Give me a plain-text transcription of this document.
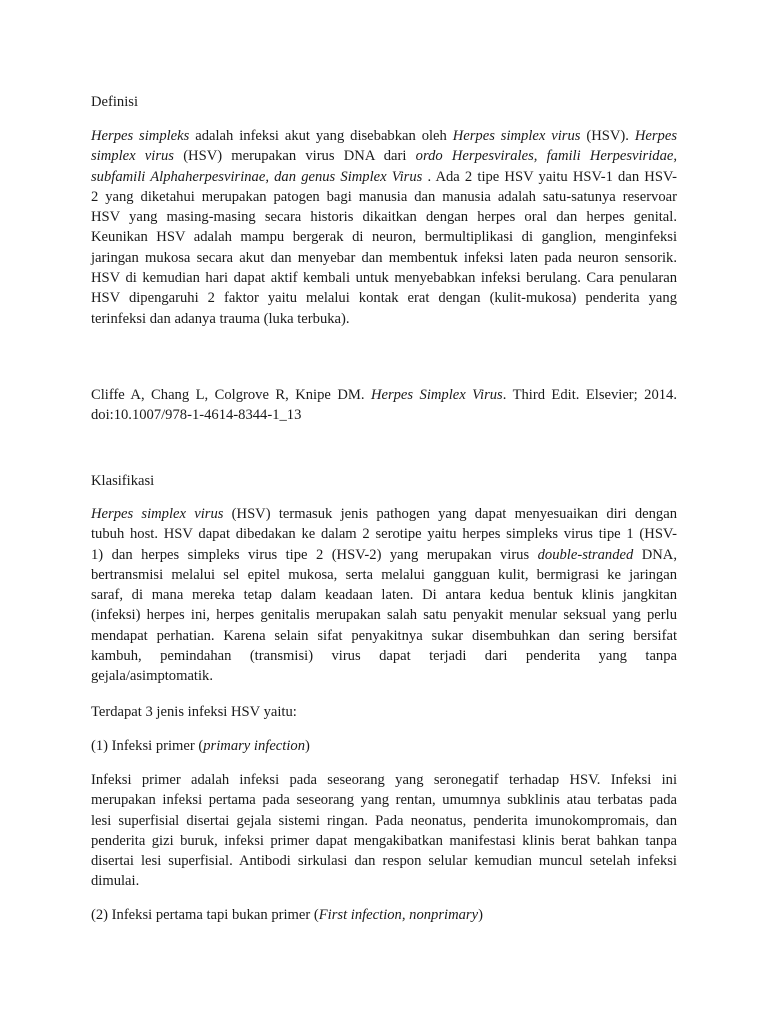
Definisi
Herpes simpleks adalah infeksi akut yang disebabkan oleh Herpes simplex virus (HSV). Herpes
simplex virus (HSV) merupakan virus DNA dari ordo Herpesvirales, famili Herpesviridae,
subfamili Alphaherpesvirinae, dan genus Simplex Virus . Ada 2 tipe HSV yaitu HSV-1 dan HSV-
2 yang diketahui merupakan patogen bagi manusia dan manusia adalah satu-satunya reservoar
HSV yang masing-masing secara historis dikaitkan dengan herpes oral dan herpes genital.
Keunikan HSV adalah mampu bergerak di neuron, bermultiplikasi di ganglion, menginfeksi
jaringan mukosa secara akut dan menyebar dan membentuk infeksi laten pada neuron sensorik.
HSV di kemudian hari dapat aktif kembali untuk menyebabkan infeksi berulang. Cara penularan
HSV dipengaruhi 2 faktor yaitu melalui kontak erat dengan (kulit-mukosa) penderita yang
terinfeksi dan adanya trauma (luka terbuka).
Cliffe A, Chang L, Colgrove R, Knipe DM. Herpes Simplex Virus. Third Edit. Elsevier; 2014.
doi:10.1007/978-1-4614-8344-1_13
Klasifikasi
Herpes simplex virus (HSV) termasuk jenis pathogen yang dapat menyesuaikan diri dengan
tubuh host. HSV dapat dibedakan ke dalam 2 serotipe yaitu herpes simpleks virus tipe 1 (HSV-
1) dan herpes simpleks virus tipe 2 (HSV-2) yang merupakan virus double-stranded DNA,
bertransmisi melalui sel epitel mukosa, serta melalui gangguan kulit, bermigrasi ke jaringan
saraf, di mana mereka tetap dalam keadaan laten. Di antara kedua bentuk klinis jangkitan
(infeksi) herpes ini, herpes genitalis merupakan salah satu penyakit menular seksual yang perlu
mendapat perhatian. Karena selain sifat penyakitnya sukar disembuhkan dan sering bersifat
kambuh, pemindahan (transmisi) virus dapat terjadi dari penderita yang tanpa
gejala/asimptomatik.
Terdapat 3 jenis infeksi HSV yaitu:
(1) Infeksi primer (primary infection)
Infeksi primer adalah infeksi pada seseorang yang seronegatif terhadap HSV. Infeksi ini
merupakan infeksi pertama pada seseorang yang rentan, umumnya subklinis atau terbatas pada
lesi superfisial disertai gejala sistemi ringan. Pada neonatus, penderita imunokompromais, dan
penderita gizi buruk, infeksi primer dapat mengakibatkan manifestasi klinis berat bahkan tanpa
disertai lesi superfisial. Antibodi sirkulasi dan respon selular kemudian muncul setelah infeksi
dimulai.
(2) Infeksi pertama tapi bukan primer (First infection, nonprimary)
